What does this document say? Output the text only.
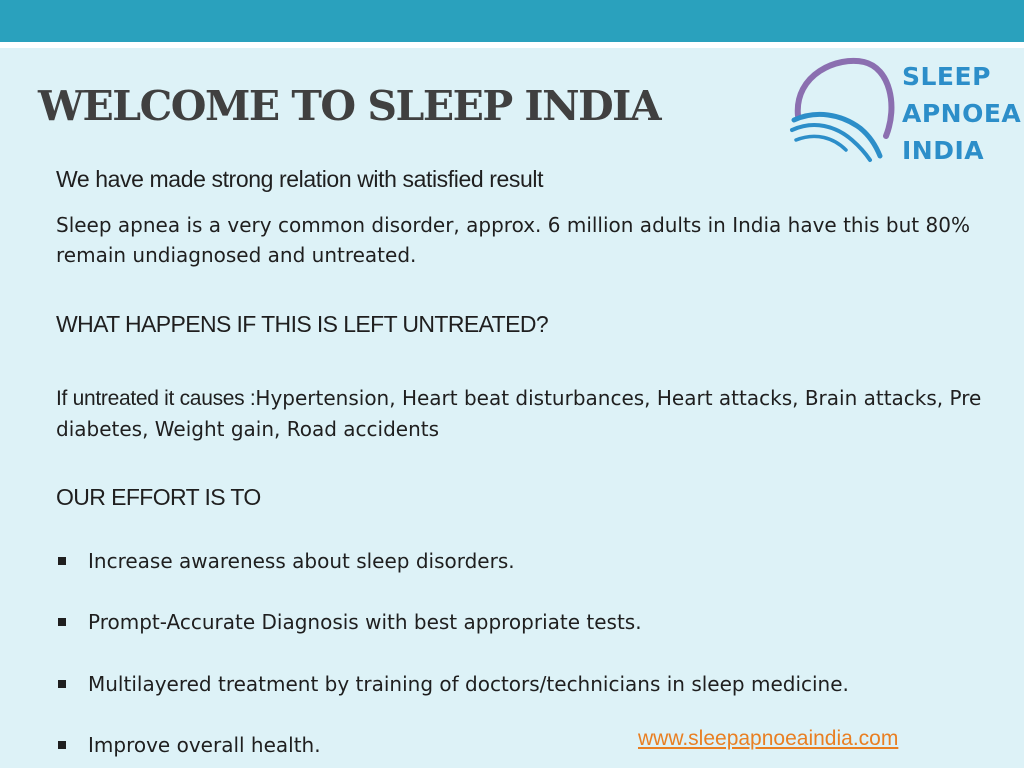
WELCOME TO SLEEP INDIA
SLEEP
APNOEA
INDIA
We have made strong relation with satisfied result
Sleep apnea is a very common disorder, approx. 6 million adults in India have this but 80% remain undiagnosed and untreated.
WHAT HAPPENS IF THIS IS LEFT UNTREATED?
If untreated it causes :Hypertension, Heart beat disturbances, Heart attacks, Brain attacks, Pre diabetes, Weight gain, Road accidents
OUR EFFORT IS TO
Increase awareness about sleep disorders.
Prompt-Accurate Diagnosis with best appropriate tests.
Multilayered treatment by training of doctors/technicians in sleep medicine.
Improve overall health.	www.sleepapnoeaindia.com
